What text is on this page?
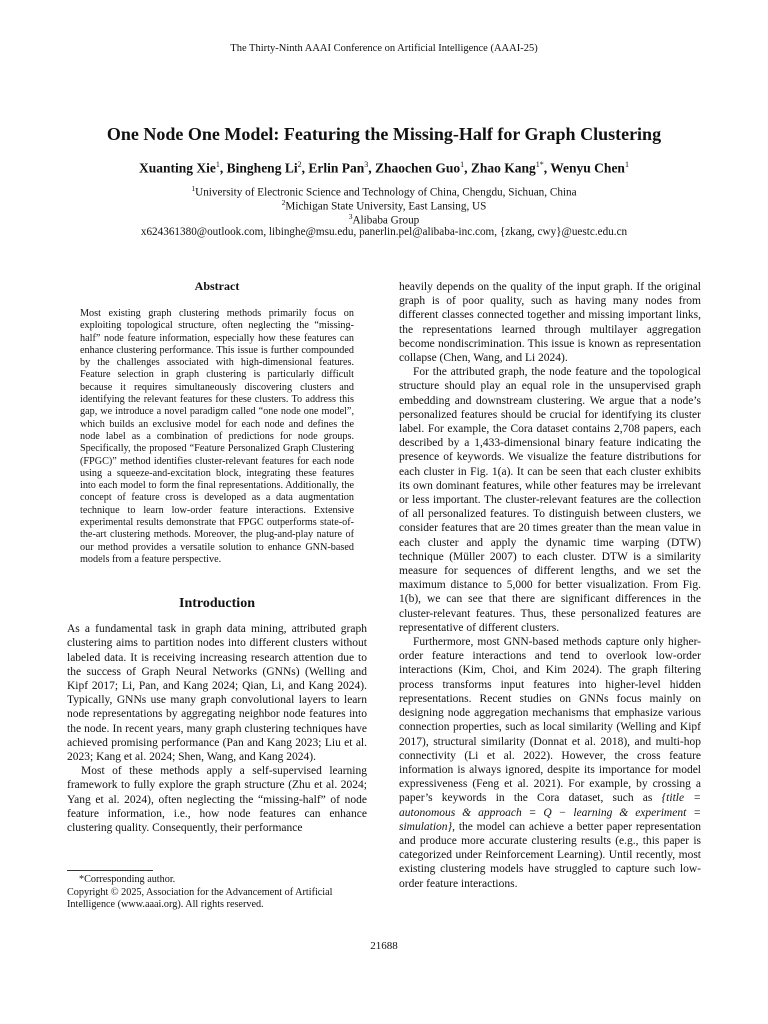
The Thirty-Ninth AAAI Conference on Artificial Intelligence (AAAI-25)
One Node One Model: Featuring the Missing-Half for Graph Clustering
Xuanting Xie$^1$, Bingheng Li$^2$, Erlin Pan$^3$, Zhaochen Guo$^1$, Zhao Kang$^{1*}$, Wenyu Chen$^1$
$^1$University of Electronic Science and Technology of China, Chengdu, Sichuan, China
$^2$Michigan State University, East Lansing, US
$^3$Alibaba Group
x624361380@outlook.com, libinghe@msu.edu, panerlin.pel@alibaba-inc.com, {zkang, cwy}@uestc.edu.cn
Abstract
Most existing graph clustering methods primarily focus on exploiting topological structure, often neglecting the “missing-half” node feature information, especially how these features can enhance clustering performance. This issue is further compounded by the challenges associated with high-dimensional features. Feature selection in graph clustering is particularly difficult because it requires simultaneously discovering clusters and identifying the relevant features for these clusters. To address this gap, we introduce a novel paradigm called “one node one model”, which builds an exclusive model for each node and defines the node label as a combination of predictions for node groups. Specifically, the proposed “Feature Personalized Graph Clustering (FPGC)” method identifies cluster-relevant features for each node using a squeeze-and-excitation block, integrating these features into each model to form the final representations. Additionally, the concept of feature cross is developed as a data augmentation technique to learn low-order feature interactions. Extensive experimental results demonstrate that FPGC outperforms state-of-the-art clustering methods. Moreover, the plug-and-play nature of our method provides a versatile solution to enhance GNN-based models from a feature perspective.
Introduction

As a fundamental task in graph data mining, attributed graph clustering aims to partition nodes into different clusters without labeled data. It is receiving increasing research attention due to the success of Graph Neural Networks (GNNs) (Welling and Kipf 2017; Li, Pan, and Kang 2024; Qian, Li, and Kang 2024). Typically, GNNs use many graph convolutional layers to learn node representations by aggregating neighbor node features into the node. In recent years, many graph clustering techniques have achieved promising performance (Pan and Kang 2023; Liu et al. 2023; Kang et al. 2024; Shen, Wang, and Kang 2024).

Most of these methods apply a self-supervised learning framework to fully explore the graph structure (Zhu et al. 2024; Yang et al. 2024), often neglecting the “missing-half” of node feature information, i.e., how node features can enhance clustering quality. Consequently, their performance

*Corresponding author.

Copyright © 2025, Association for the Advancement of Artificial Intelligence (www.aaai.org). All rights reserved.

heavily depends on the quality of the input graph. If the original graph is of poor quality, such as having many nodes from different classes connected together and missing important links, the representations learned through multilayer aggregation become nondiscrimination. This issue is known as representation collapse (Chen, Wang, and Li 2024).

For the attributed graph, the node feature and the topological structure should play an equal role in the unsupervised graph embedding and downstream clustering. We argue that a node’s personalized features should be crucial for identifying its cluster label. For example, the Cora dataset contains 2,708 papers, each described by a 1,433-dimensional binary feature indicating the presence of keywords. We visualize the feature distributions for each cluster in Fig. 1(a). It can be seen that each cluster exhibits its own dominant features, while other features may be irrelevant or less important. The cluster-relevant features are the collection of all personalized features. To distinguish between clusters, we consider features that are 20 times greater than the mean value in each cluster and apply the dynamic time warping (DTW) technique (Müller 2007) to each cluster. DTW is a similarity measure for sequences of different lengths, and we set the maximum distance to 5,000 for better visualization. From Fig. 1(b), we can see that there are significant differences in the cluster-relevant features. Thus, these personalized features are representative of different clusters.

Furthermore, most GNN-based methods capture only higher-order feature interactions and tend to overlook low-order interactions (Kim, Choi, and Kim 2024). The graph filtering process transforms input features into higher-level hidden representations. Recent studies on GNNs focus mainly on designing node aggregation mechanisms that emphasize various connection properties, such as local similarity (Welling and Kipf 2017), structural similarity (Donnat et al. 2018), and multi-hop connectivity (Li et al. 2022). However, the cross feature information is always ignored, despite its importance for model expressiveness (Feng et al. 2021). For example, by crossing a paper’s keywords in the Cora dataset, such as {title = autonomous & approach = Q − learning & experiment = simulation}, the model can achieve a better paper representation and produce more accurate clustering results (e.g., this paper is categorized under Reinforcement Learning). Until recently, most existing clustering models have struggled to capture such low-order feature interactions.

21688
